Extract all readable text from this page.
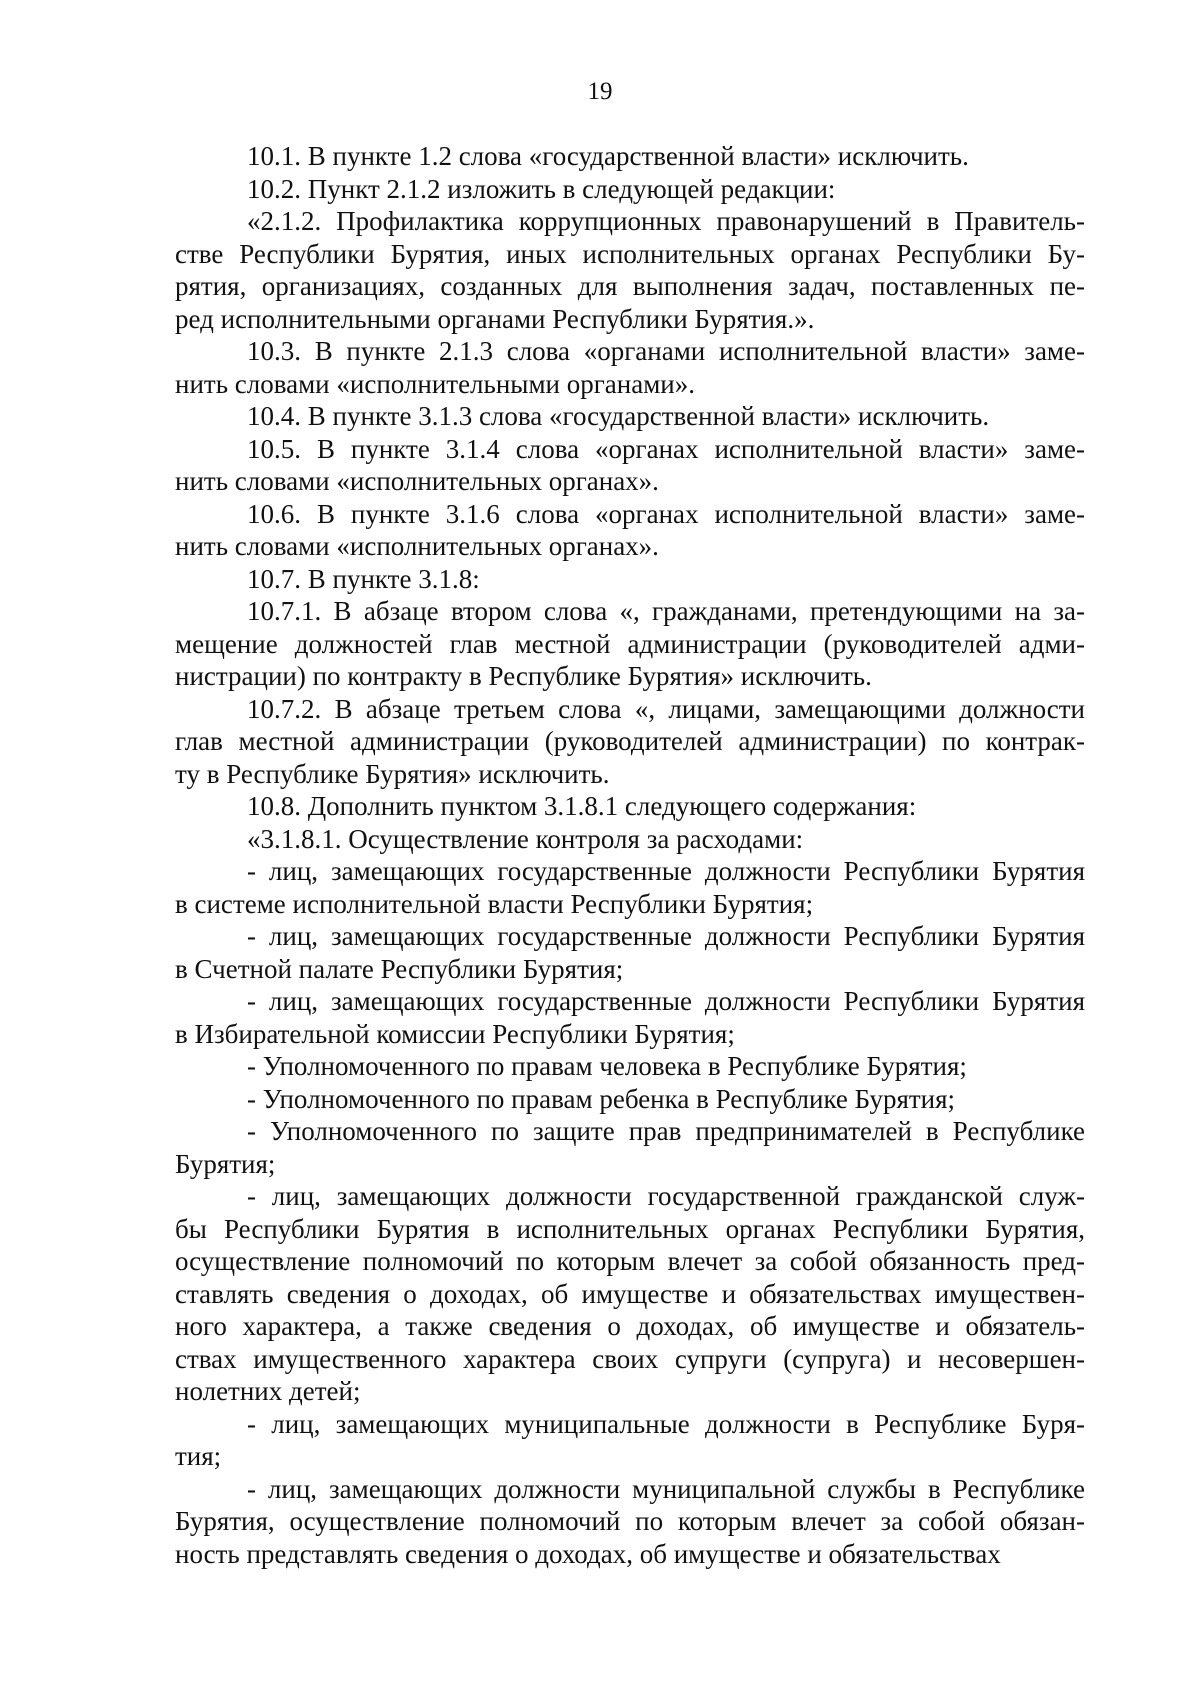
19
10.1. В пункте 1.2 слова «государственной власти» исключить.
10.2. Пункт 2.1.2 изложить в следующей редакции:
«2.1.2. Профилактика коррупционных правонарушений в Правитель-
стве Республики Бурятия, иных исполнительных органах Республики Бу-
рятия, организациях, созданных для выполнения задач, поставленных пе-
ред исполнительными органами Республики Бурятия.».
10.3. В пункте 2.1.3 слова «органами исполнительной власти» заме-
нить словами «исполнительными органами».
10.4. В пункте 3.1.3 слова «государственной власти» исключить.
10.5. В пункте 3.1.4 слова «органах исполнительной власти» заме-
нить словами «исполнительных органах».
10.6. В пункте 3.1.6 слова «органах исполнительной власти» заме-
нить словами «исполнительных органах».
10.7. В пункте 3.1.8:
10.7.1. В абзаце втором слова «, гражданами, претендующими на за-
мещение должностей глав местной администрации (руководителей адми-
нистрации) по контракту в Республике Бурятия» исключить.
10.7.2. В абзаце третьем слова «, лицами, замещающими должности
глав местной администрации (руководителей администрации) по контрак-
ту в Республике Бурятия» исключить.
10.8. Дополнить пунктом 3.1.8.1 следующего содержания:
«3.1.8.1. Осуществление контроля за расходами:
- лиц, замещающих государственные должности Республики Бурятия
в системе исполнительной власти Республики Бурятия;
- лиц, замещающих государственные должности Республики Бурятия
в Счетной палате Республики Бурятия;
- лиц, замещающих государственные должности Республики Бурятия
в Избирательной комиссии Республики Бурятия;
- Уполномоченного по правам человека в Республике Бурятия;
- Уполномоченного по правам ребенка в Республике Бурятия;
- Уполномоченного по защите прав предпринимателей в Республике
Бурятия;
- лиц, замещающих должности государственной гражданской служ-
бы Республики Бурятия в исполнительных органах Республики Бурятия,
осуществление полномочий по которым влечет за собой обязанность пред-
ставлять сведения о доходах, об имуществе и обязательствах имуществен-
ного характера, а также сведения о доходах, об имуществе и обязатель-
ствах имущественного характера своих супруги (супруга) и несовершен-
нолетних детей;
- лиц, замещающих муниципальные должности в Республике Буря-
тия;
- лиц, замещающих должности муниципальной службы в Республике
Бурятия, осуществление полномочий по которым влечет за собой обязан-
ность представлять сведения о доходах, об имуществе и обязательствах
